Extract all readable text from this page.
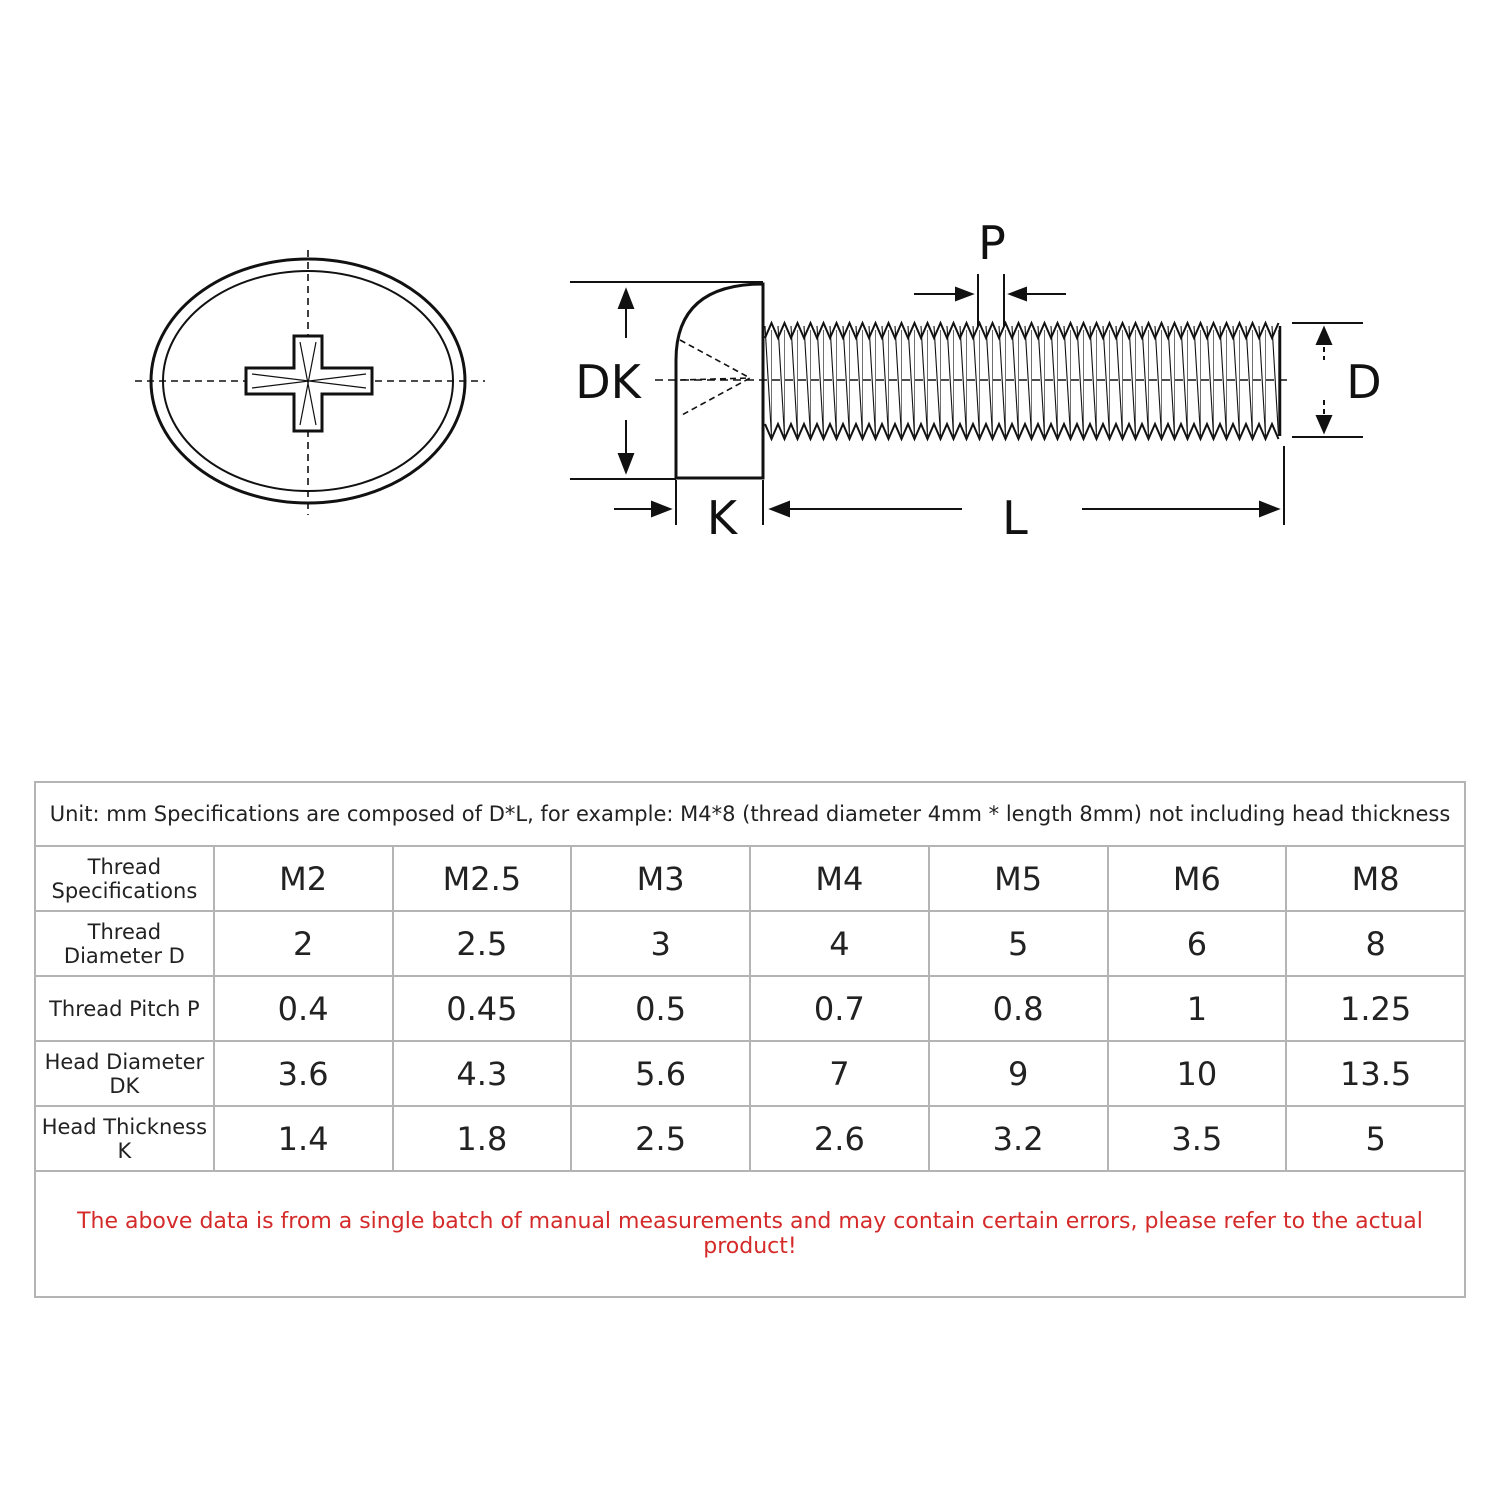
P
DK	D
K	L
Unit: mm Specifications are composed of D*L, for example: M4*8 (thread diameter 4mm * length 8mm) not including head thickness							
Thread Specifications	M2	M2.5	M3	M4	M5	M6	M8
Thread Diameter D	2	2.5	3	4	5	6	8
Thread Pitch P	0.4	0.45	0.5	0.7	0.8	1	1.25
Head Diameter DK	3.6	4.3	5.6	7	9	10	13.5
Head Thickness K	1.4	1.8	2.5	2.6	3.2	3.5	5
The above data is from a single batch of manual measurements and may contain certain errors, please refer to the actual product!							
